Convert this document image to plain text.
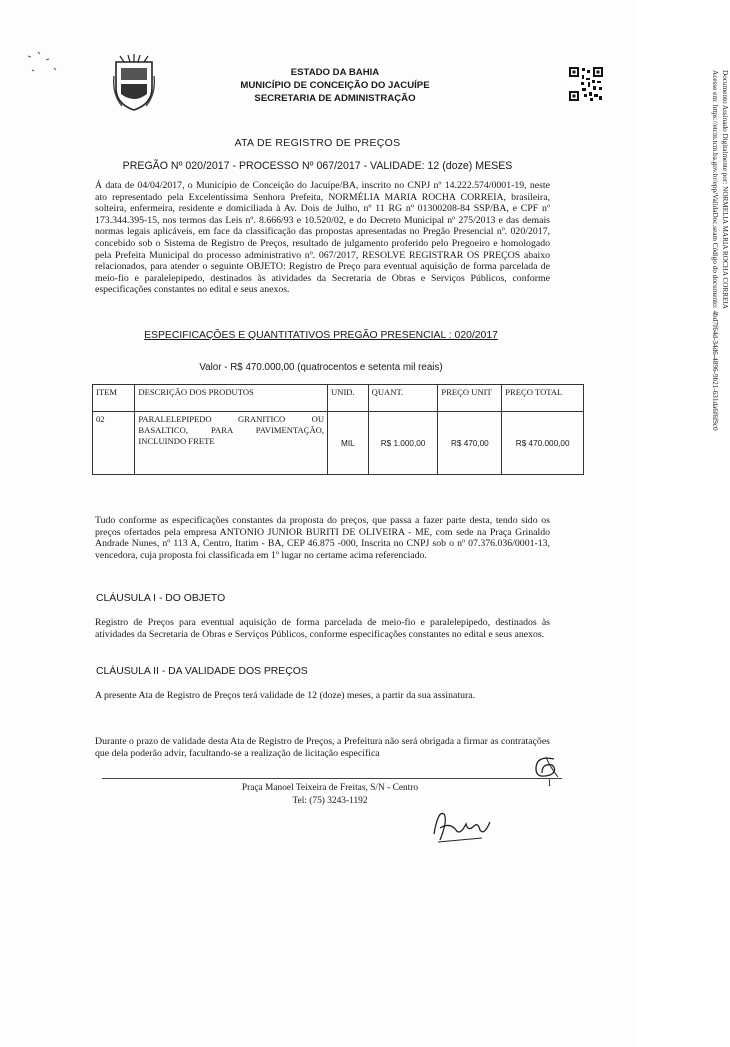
ESTADO DA BAHIA
MUNICÍPIO DE CONCEIÇÃO DO JACUÍPE
SECRETARIA DE ADMINISTRAÇÃO	Documento Assinado Digitalmente por: NORMELIA MARIA ROCHA CORREIA
Acesse em: https://etcm.tcm.ba.gov.br/epp/ValidaDoc.seam Código do documento: 4bd7f64d-34d6-4896-9b21-631da6f6f9c0
ATA DE REGISTRO DE PREÇOS
PREGÃO Nº 020/2017 - PROCESSO Nº 067/2017 - VALIDADE: 12 (doze) MESES
Á data de 04/04/2017, o Município de Conceição do Jacuípe/BA, inscrito no CNPJ nº 14.222.574/0001-19, neste ato representado pela Excelentíssima Senhora Prefeita, NORMÉLIA MARIA ROCHA CORREIA, brasileira, solteira, enfermeira, residente e domiciliada à Av. Dois de Julho, nº 11 RG nº 01300208-84 SSP/BA, e CPF nº 173.344.395-15, nos termos das Leis nº. 8.666/93 e 10.520/02, e do Decreto Municipal nº 275/2013 e das demais normas legais aplicáveis, em face da classificação das propostas apresentadas no Pregão Presencial nº. 020/2017, concebido sob o Sistema de Registro de Preços, resultado de julgamento proferido pelo Pregoeiro e homologado pela Prefeita Municipal do processo administrativo nº. 067/2017, RESOLVE REGISTRAR OS PREÇOS abaixo relacionados, para atender o seguinte OBJETO: Registro de Preço para eventual aquisição de forma parcelada de meio-fio e paralelepípedo, destinados às atividades da Secretaria de Obras e Serviços Públicos, conforme especificações constantes no edital e seus anexos.
ESPECIFICAÇÕES E QUANTITATIVOS PREGÃO PRESENCIAL : 020/2017
Valor - R$ 470.000,00 (quatrocentos e setenta mil reais)
ITEM	DESCRIÇÃO DOS PRODUTOS	UNID.	QUANT.	PREÇO UNIT	PREÇO TOTAL
02	PARALELEPIPEDO GRANITICO OU BASALTICO, PARA PAVIMENTAÇÃO, INCLUINDO FRETE	MIL	R$ 1.000,00	R$ 470,00	R$ 470.000,00
Tudo conforme as especificações constantes da proposta do preços, que passa a fazer parte desta, tendo sido os preços ofertados pela empresa ANTONIO JUNIOR BURITI DE OLIVEIRA - ME, com sede na Praça Grinaldo Andrade Nunes, nº 113 A, Centro, Itatim - BA, CEP 46.875 -000, Inscrita no CNPJ sob o nº 07.376.036/0001-13, vencedora, cuja proposta foi classificada em 1º lugar no certame acima referenciado.
CLÁUSULA I - DO OBJETO
Registro de Preços para eventual aquisição de forma parcelada de meio-fio e paralelepípedo, destinados às atividades da Secretaria de Obras e Serviços Públicos, conforme especificações constantes no edital e seus anexos.
CLÁUSULA II - DA VALIDADE DOS PREÇOS
A presente Ata de Registro de Preços terá validade de 12 (doze) meses, a partir da sua assinatura.
Durante o prazo de validade desta Ata de Registro de Preços, a Prefeitura não será obrigada a firmar as contratações que dela poderão advir, facultando-se a realização de licitação específica
Praça Manoel Teixeira de Freitas, S/N - Centro
Tel: (75) 3243-1192
I
